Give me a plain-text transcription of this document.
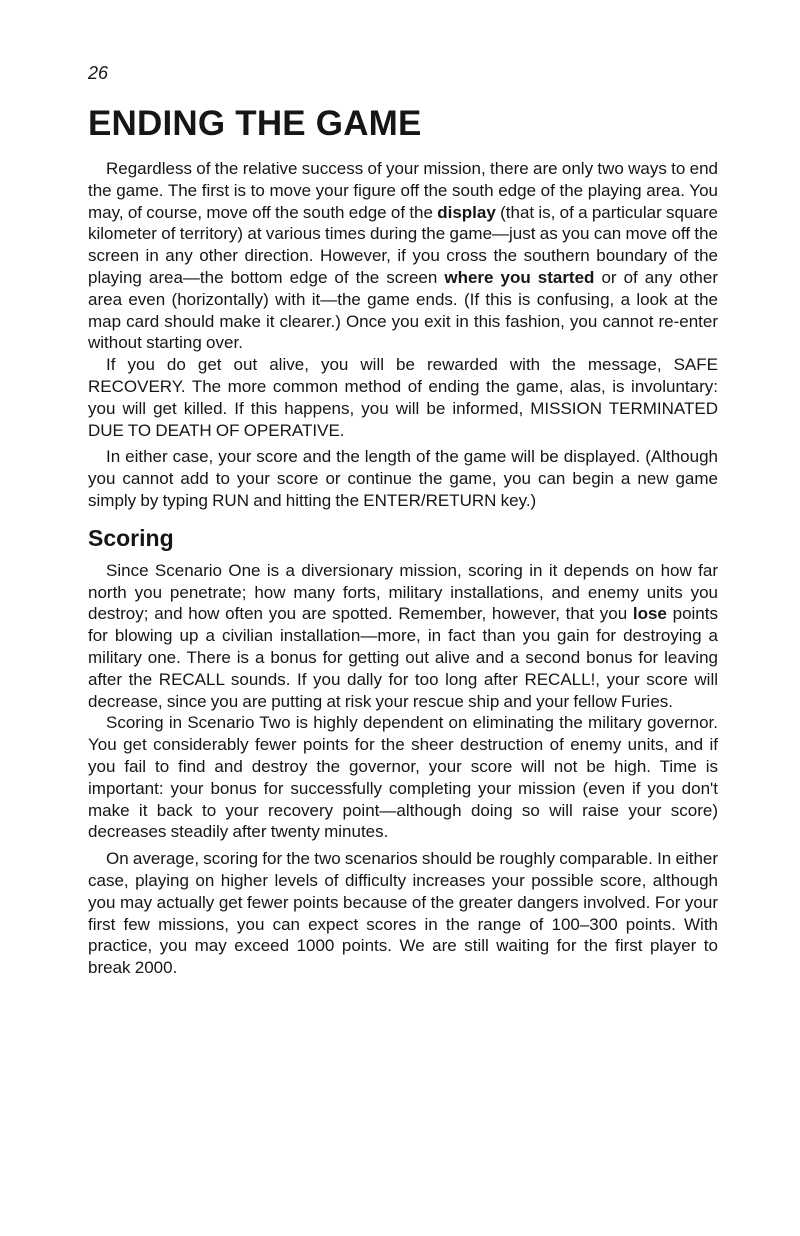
26
ENDING THE GAME

Regardless of the relative success of your mission, there are only two ways to end the game. The first is to move your figure off the south edge of the playing area. You may, of course, move off the south edge of the display (that is, of a particular square kilometer of territory) at various times during the game—just as you can move off the screen in any other direction. However, if you cross the southern boundary of the playing area—the bottom edge of the screen where you started or of any other area even (horizontally) with it—the game ends. (If this is confusing, a look at the map card should make it clearer.) Once you exit in this fashion, you cannot re-enter without starting over.

If you do get out alive, you will be rewarded with the message, SAFE RECOVERY. The more common method of ending the game, alas, is involuntary: you will get killed. If this happens, you will be informed, MISSION TERMINATED DUE TO DEATH OF OPERATIVE.

In either case, your score and the length of the game will be displayed. (Although you cannot add to your score or continue the game, you can begin a new game simply by typing RUN and hitting the ENTER/RETURN key.)

Scoring

Since Scenario One is a diversionary mission, scoring in it depends on how far north you penetrate; how many forts, military installations, and enemy units you destroy; and how often you are spotted. Remember, however, that you lose points for blowing up a civilian installation—more, in fact than you gain for destroying a military one. There is a bonus for getting out alive and a second bonus for leaving after the RECALL sounds. If you dally for too long after RECALL!, your score will decrease, since you are putting at risk your rescue ship and your fellow Furies.

Scoring in Scenario Two is highly dependent on eliminating the military governor. You get considerably fewer points for the sheer destruction of enemy units, and if you fail to find and destroy the governor, your score will not be high. Time is important: your bonus for successfully completing your mission (even if you don't make it back to your recovery point—although doing so will raise your score) decreases steadily after twenty minutes.

On average, scoring for the two scenarios should be roughly comparable. In either case, playing on higher levels of difficulty increases your possible score, although you may actually get fewer points because of the greater dangers involved. For your first few missions, you can expect scores in the range of 100–300 points. With practice, you may exceed 1000 points. We are still waiting for the first player to break 2000.
